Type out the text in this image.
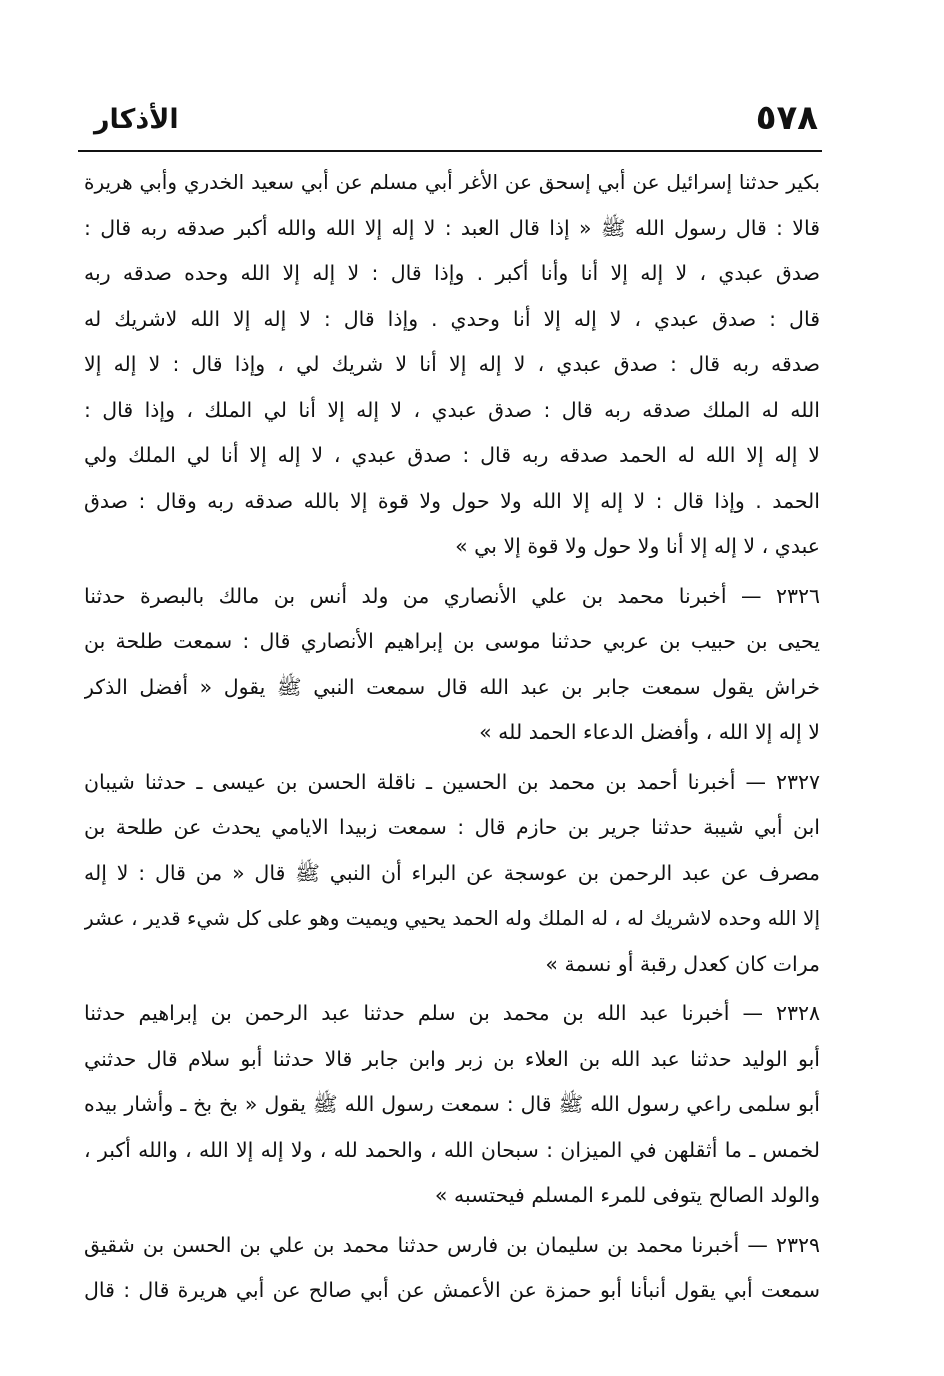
٥٧٨
الأذكار
بكير حدثنا إسرائيل عن أبي إسحق عن الأغر أبي مسلم عن أبي سعيد الخدري وأبي هريرة
قالا : قال رسول الله ﷺ « إذا قال العبد : لا إله إلا الله والله أكبر صدقه ربه قال :
صدق عبدي ، لا إله إلا أنا وأنا أكبر . وإذا قال : لا إله إلا الله وحده صدقه ربه
قال : صدق عبدي ، لا إله إلا أنا وحدي . وإذا قال : لا إله إلا الله لاشريك له
صدقه ربه قال : صدق عبدي ، لا إله إلا أنا لا شريك لي ، وإذا قال : لا إله إلا
الله له الملك صدقه ربه قال : صدق عبدي ، لا إله إلا أنا لي الملك ، وإذا قال :
لا إله إلا الله له الحمد صدقه ربه قال : صدق عبدي ، لا إله إلا أنا لي الملك ولي
الحمد . وإذا قال : لا إله إلا الله ولا حول ولا قوة إلا بالله صدقه ربه وقال : صدق
عبدي ، لا إله إلا أنا ولا حول ولا قوة إلا بي »
٢٣٢٦ — أخبرنا محمد بن علي الأنصاري من ولد أنس بن مالك بالبصرة حدثنا
يحيى بن حبيب بن عربي حدثنا موسى بن إبراهيم الأنصاري قال : سمعت طلحة بن
خراش يقول سمعت جابر بن عبد الله قال سمعت النبي ﷺ يقول « أفضل الذكر
لا إله إلا الله ، وأفضل الدعاء الحمد لله »
٢٣٢٧ — أخبرنا أحمد بن محمد بن الحسين ـ ناقلة الحسن بن عيسى ـ حدثنا شيبان
ابن أبي شيبة حدثنا جرير بن حازم قال : سمعت زبيدا الايامي يحدث عن طلحة بن
مصرف عن عبد الرحمن بن عوسجة عن البراء أن النبي ﷺ قال « من قال : لا إله
إلا الله وحده لاشريك له ، له الملك وله الحمد يحيي ويميت وهو على كل شيء قدير ، عشر
مرات كان كعدل رقبة أو نسمة »
٢٣٢٨ — أخبرنا عبد الله بن محمد بن سلم حدثنا عبد الرحمن بن إبراهيم حدثنا
أبو الوليد حدثنا عبد الله بن العلاء بن زبر وابن جابر قالا حدثنا أبو سلام قال حدثني
أبو سلمى راعي رسول الله ﷺ قال : سمعت رسول الله ﷺ يقول « بخ بخ ـ وأشار بيده
لخمس ـ ما أثقلهن في الميزان : سبحان الله ، والحمد لله ، ولا إله إلا الله ، والله أكبر ،
والولد الصالح يتوفى للمرء المسلم فيحتسبه »
٢٣٢٩ — أخبرنا محمد بن سليمان بن فارس حدثنا محمد بن علي بن الحسن بن شقيق
سمعت أبي يقول أنبأنا أبو حمزة عن الأعمش عن أبي صالح عن أبي هريرة قال : قال
